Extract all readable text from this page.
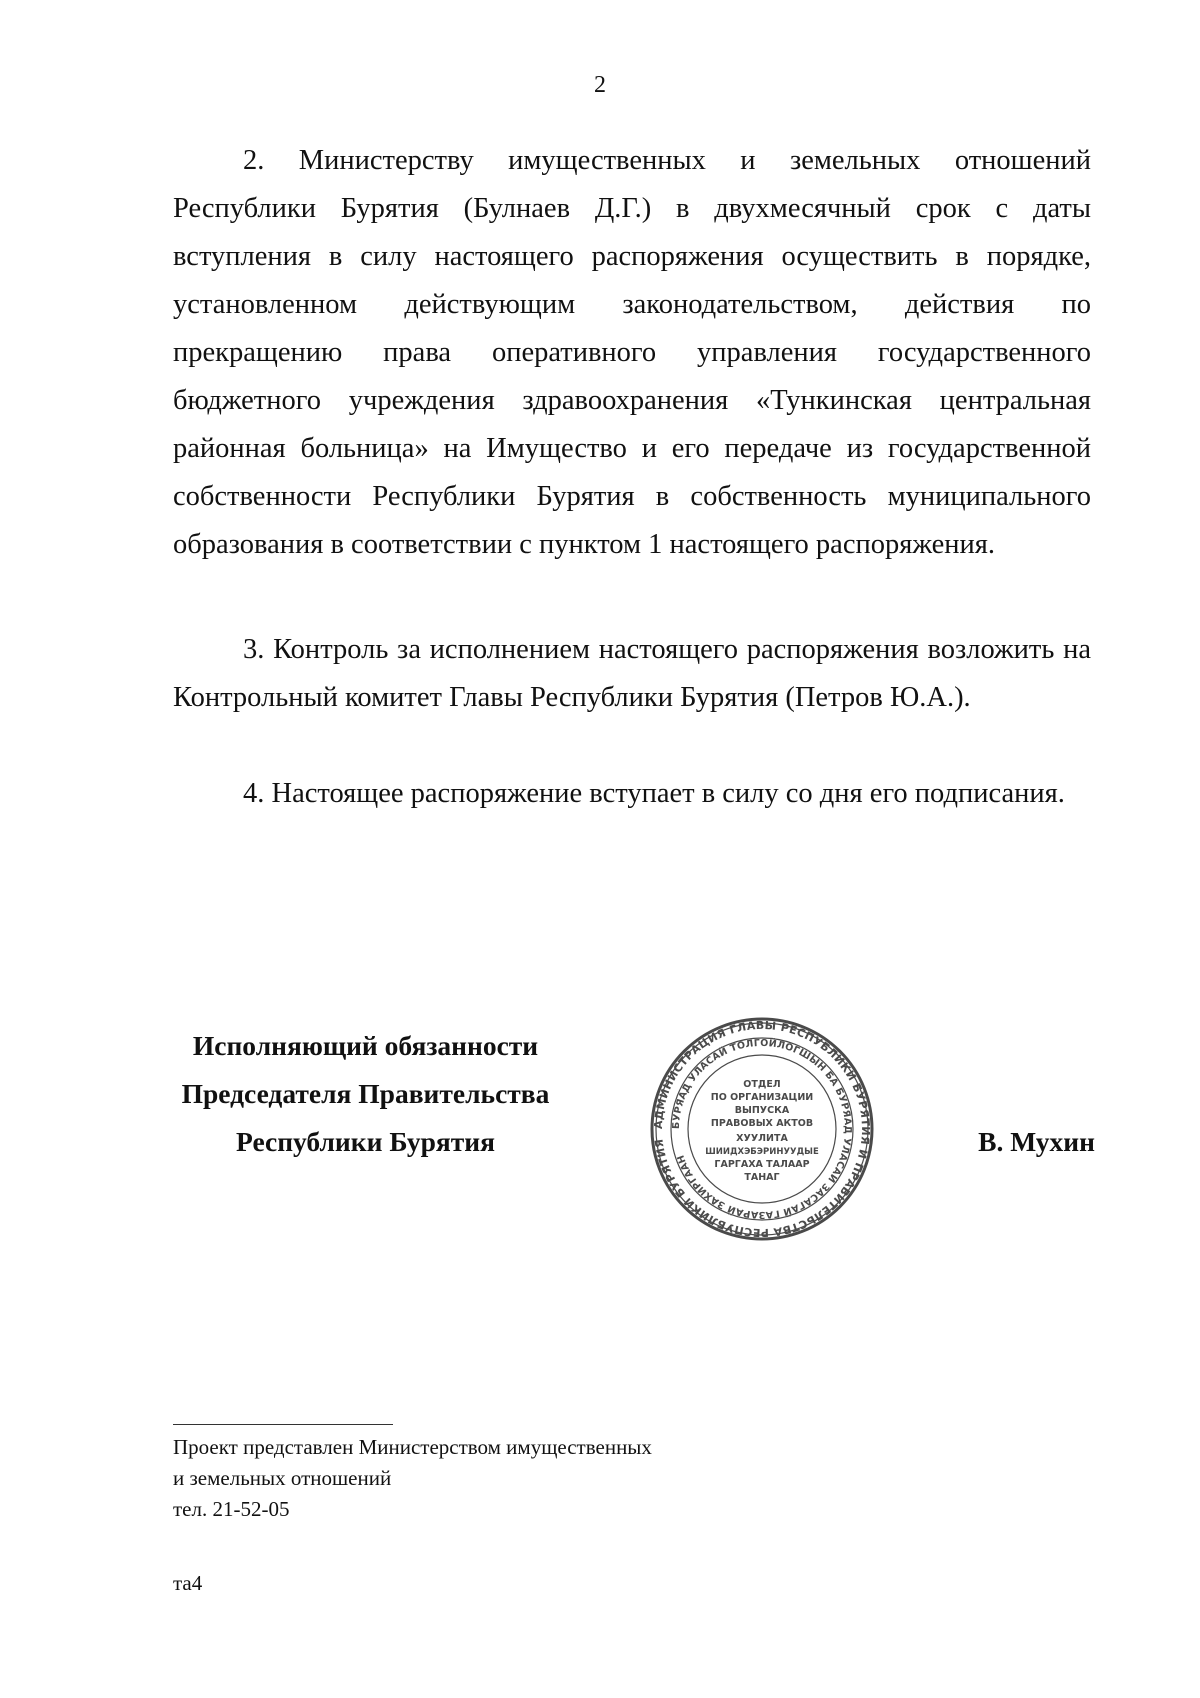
2

2. Министерству имущественных и земельных отношений Республики Бурятия (Булнаев Д.Г.) в двухмесячный срок с даты вступления в силу настоящего распоряжения осуществить в порядке, установленном действующим законодательством, действия по прекращению права оперативного управления государственного бюджетного учреждения здравоохранения «Тункинская центральная районная больница» на Имущество и его передаче из государственной собственности Республики Бурятия в собственность муниципального образования в соответствии с пунктом 1 настоящего распоряжения.

3. Контроль за исполнением настоящего распоряжения возложить на Контрольный комитет Главы Республики Бурятия (Петров Ю.А.).

4. Настоящее распоряжение вступает в силу со дня его подписания.

Исполняющий обязанности
Председателя Правительства
Республики Бурятия
АДМИНИСТРАЦИЯ ГЛАВЫ РЕСПУБЛИКИ БУРЯТИЯ И ПРАВИТЕЛЬСТВА РЕСПУБЛИКИ БУРЯТИЯ
БУРЯАД УЛАСАЙ ТОЛГОЙЛОГШЫН БА БУРЯАД УЛАСАЙ ЗАСАГАЙ ГАЗАРАЙ ЗАХИРГААН
ОТДЕЛ
ПО ОРГАНИЗАЦИИ
ВЫПУСКА
ПРАВОВЫХ АКТОВ
ХУУЛИТА
ШИИДХЭБЭРИНУУДЫЕ
ГАРГАХА ТАЛААР
ТАНАГ
В. Мухин
Проект представлен Министерством имущественных
и земельных отношений
тел. 21-52-05
та4
